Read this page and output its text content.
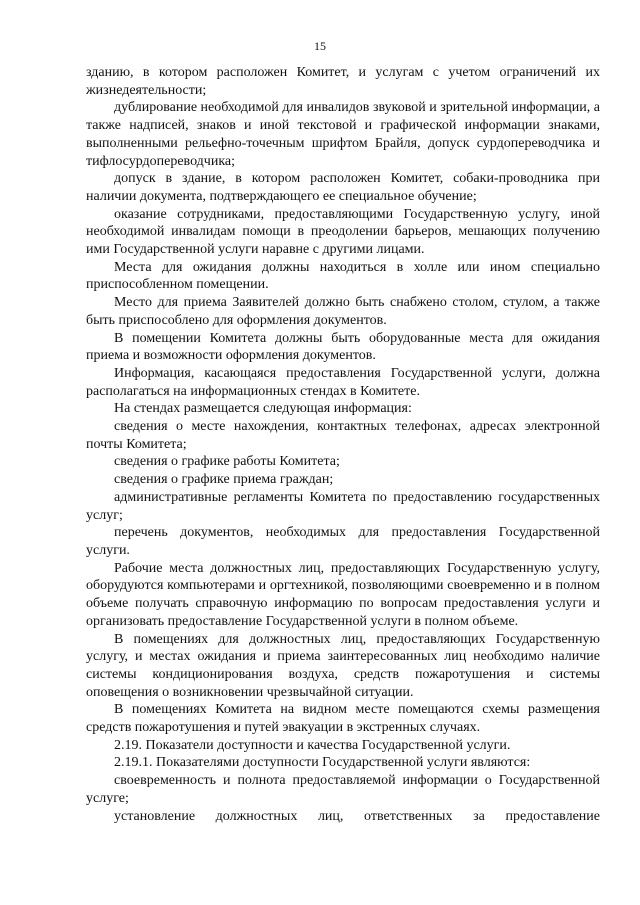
15

зданию, в котором расположен Комитет, и услугам с учетом ограничений их жизнедеятельности;

дублирование необходимой для инвалидов звуковой и зрительной информации, а также надписей, знаков и иной текстовой и графической информации знаками, выполненными рельефно-точечным шрифтом Брайля, допуск сурдопереводчика и тифлосурдопереводчика;

допуск в здание, в котором расположен Комитет, собаки-проводника при наличии документа, подтверждающего ее специальное обучение;

оказание сотрудниками, предоставляющими Государственную услугу, иной необходимой инвалидам помощи в преодолении барьеров, мешающих получению ими Государственной услуги наравне с другими лицами.

Места для ожидания должны находиться в холле или ином специально приспособленном помещении.

Место для приема Заявителей должно быть снабжено столом, стулом, а также быть приспособлено для оформления документов.

В помещении Комитета должны быть оборудованные места для ожидания приема и возможности оформления документов.

Информация, касающаяся предоставления Государственной услуги, должна располагаться на информационных стендах в Комитете.

На стендах размещается следующая информация:

сведения о месте нахождения, контактных телефонах, адресах электронной почты Комитета;

сведения о графике работы Комитета;

сведения о графике приема граждан;

административные регламенты Комитета по предоставлению государственных услуг;

перечень документов, необходимых для предоставления Государственной услуги.

Рабочие места должностных лиц, предоставляющих Государственную услугу, оборудуются компьютерами и оргтехникой, позволяющими своевременно и в полном объеме получать справочную информацию по вопросам предоставления услуги и организовать предоставление Государственной услуги в полном объеме.

В помещениях для должностных лиц, предоставляющих Государственную услугу, и местах ожидания и приема заинтересованных лиц необходимо наличие системы кондиционирования воздуха, средств пожаротушения и системы оповещения о возникновении чрезвычайной ситуации.

В помещениях Комитета на видном месте помещаются схемы размещения средств пожаротушения и путей эвакуации в экстренных случаях.

2.19. Показатели доступности и качества Государственной услуги.

2.19.1. Показателями доступности Государственной услуги являются:

своевременность и полнота предоставляемой информации о Государственной услуге;

установление должностных лиц, ответственных за предоставление
